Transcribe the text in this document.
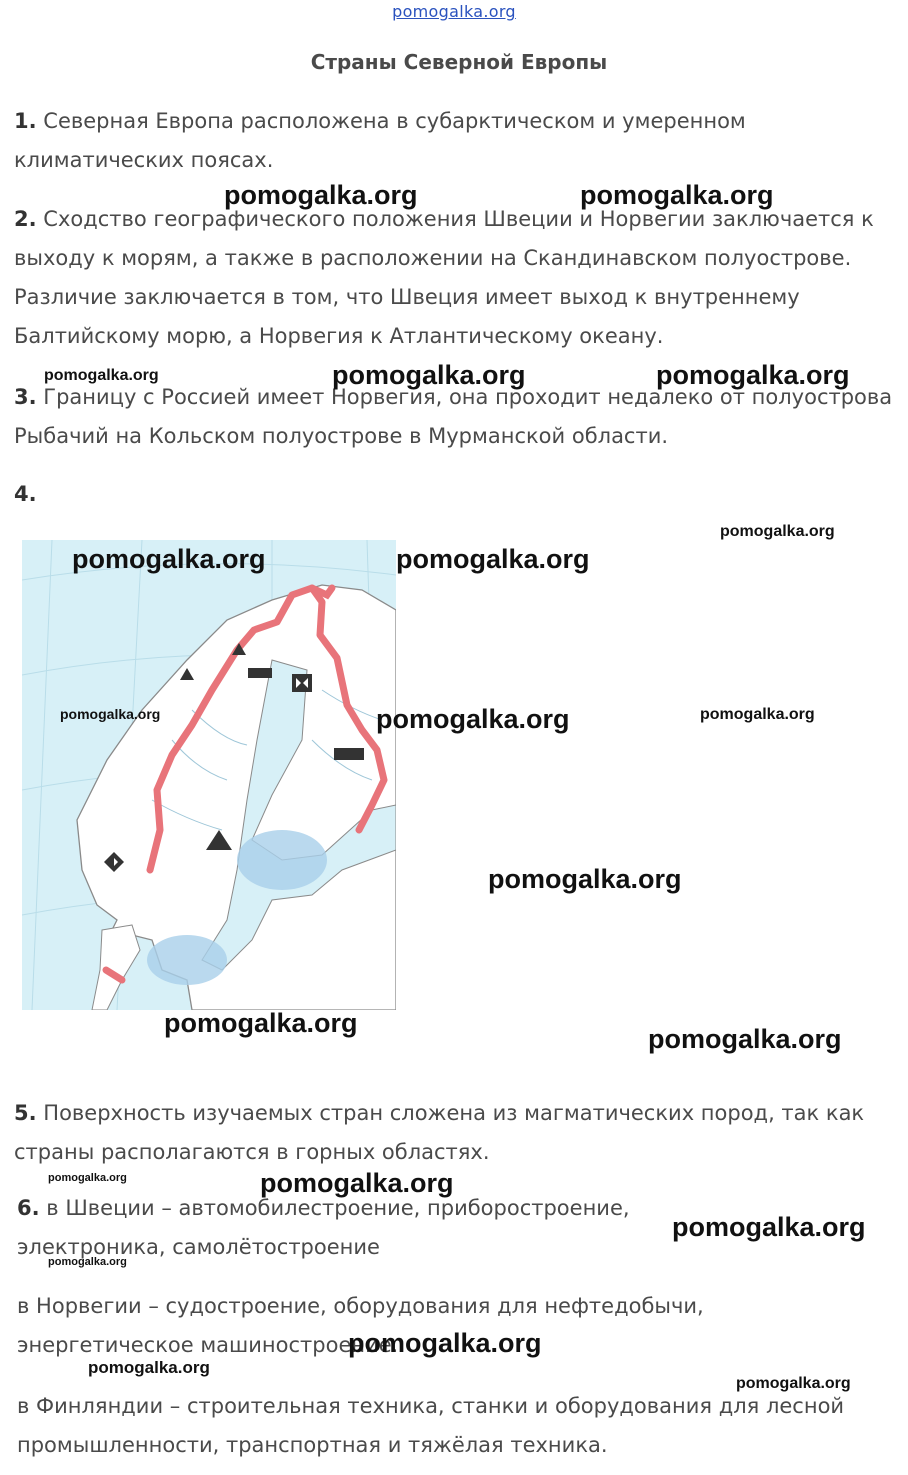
pomogalka.org
Страны Северной Европы
1. Северная Европа расположена в субарктическом и умеренном климатических поясах.
2. Сходство географического положения Швеции и Норвегии заключается к выходу к морям, а также в расположении на Скандинавском полуострове. Различие заключается в том, что Швеция имеет выход к внутреннему Балтийскому морю, а Норвегия к Атлантическому океану.
3. Границу с Россией имеет Норвегия, она проходит недалеко от полуострова Рыбачий на Кольском полуострове в Мурманской области.
4.
5. Поверхность изучаемых стран сложена из магматических пород, так как страны располагаются в горных областях.
6. в Швеции – автомобилестроение, приборостроение, электроника, самолётостроение
в Норвегии – судостроение, оборудования для нефтедобычи, энергетическое машиностроение.
в Финляндии – строительная техника, станки и оборудования для лесной промышленности, транспортная и тяжёлая техника.
pomogalka.org	pomogalka.org
pomogalka.org	pomogalka.org	pomogalka.org
pomogalka.org
pomogalka.org	pomogalka.org
pomogalka.org	pomogalka.org	pomogalka.org
pomogalka.org
pomogalka.org
pomogalka.org
pomogalka.org	pomogalka.org
pomogalka.org
pomogalka.org
pomogalka.org
pomogalka.org
pomogalka.org
